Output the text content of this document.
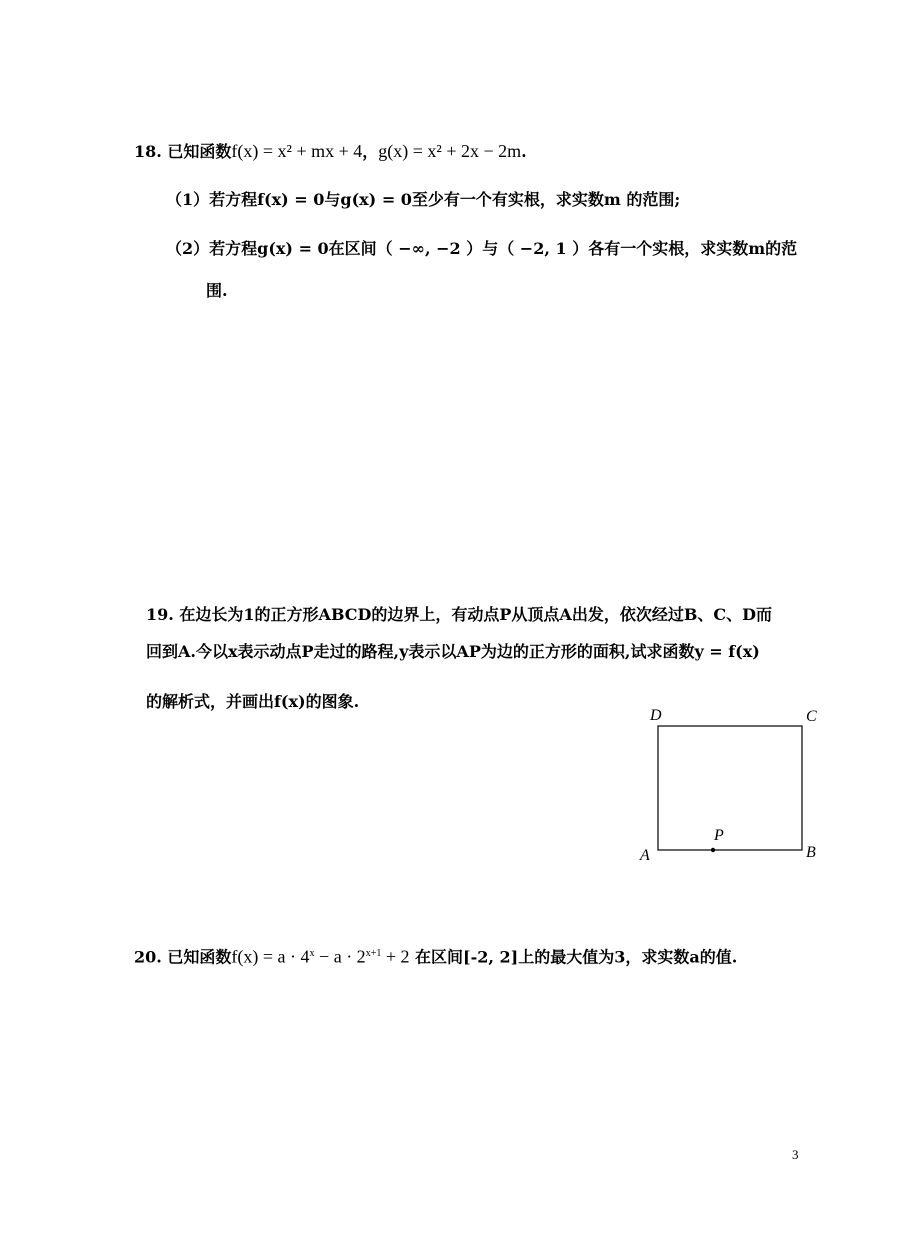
18. 已知函数f(x) = x² + mx + 4，g(x) = x² + 2x − 2m.
（1）若方程f(x) = 0与g(x) = 0至少有一个有实根，求实数m 的范围;
（2）若方程g(x) = 0在区间（ −∞, −2 ）与（ −2, 1 ）各有一个实根，求实数m的范
围.
19. 在边长为1的正方形ABCD的边界上，有动点P从顶点A出发，依次经过B、C、D而
回到A.今以x表示动点P走过的路程,y表示以AP为边的正方形的面积,试求函数y = f(x)
的解析式，并画出f(x)的图象.
D	C
A	B
P
20. 已知函数$f(x) = a \cdot 4^x - a \cdot 2^{x+1} + 2$ 在区间[-2, 2]上的最大值为3，求实数a的值.
3
